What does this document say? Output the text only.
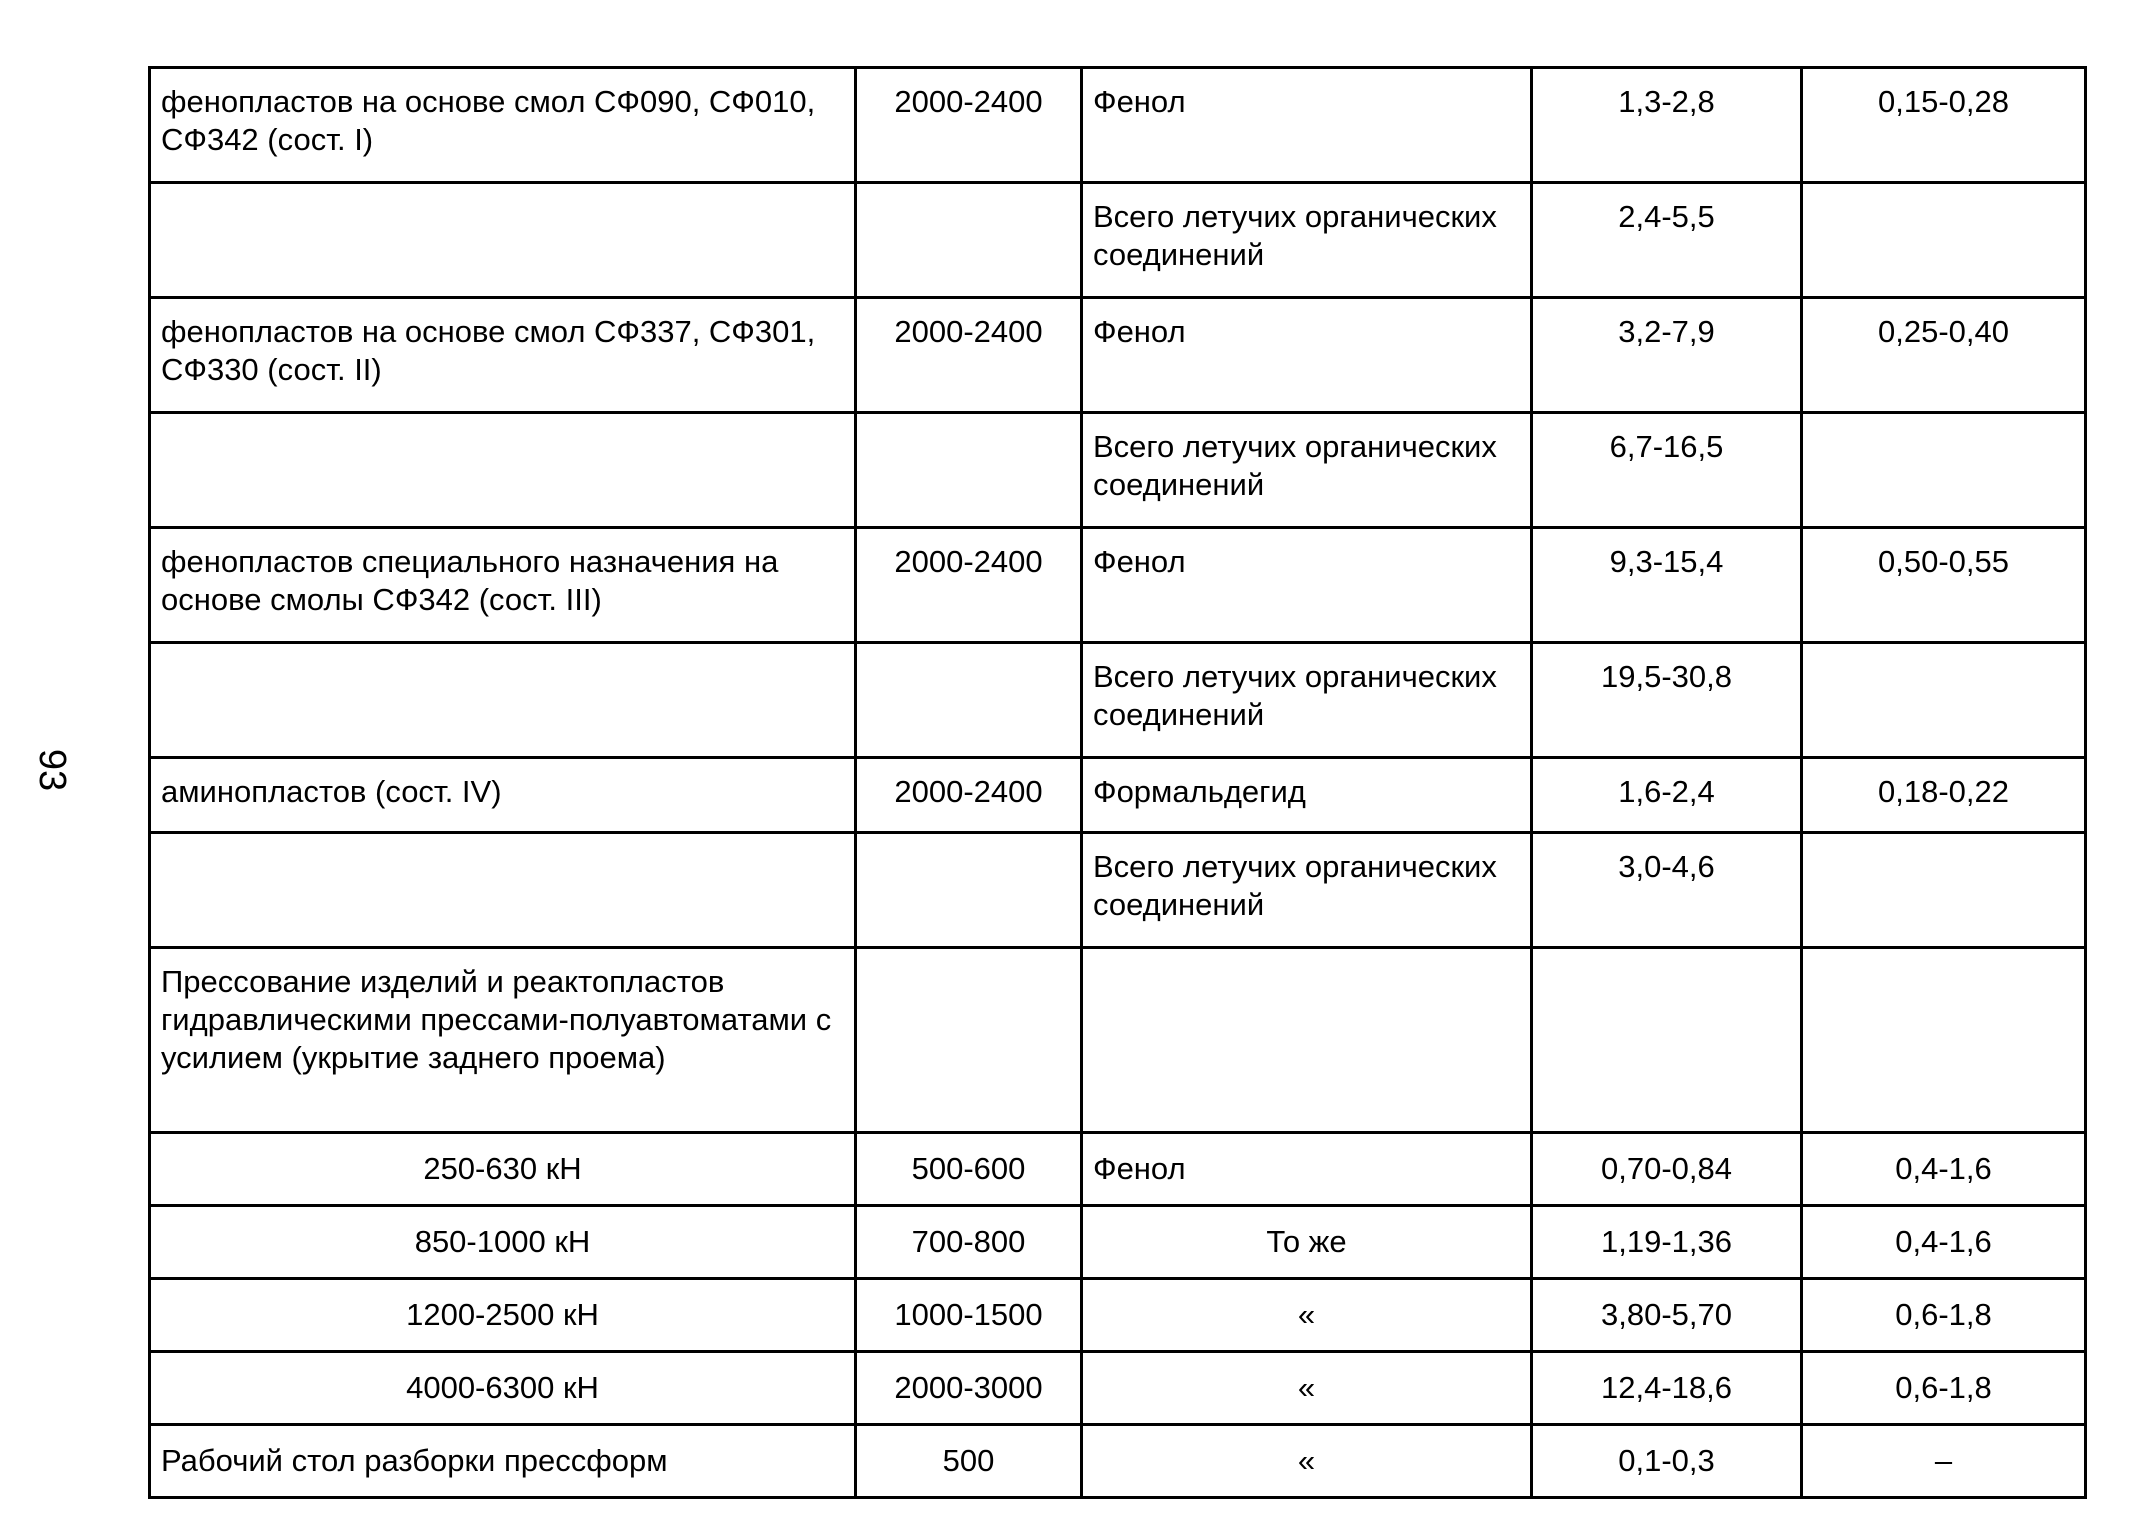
93
фенопластов на основе смол СФ090, СФ010, СФ342 (сост. I)	2000-2400	Фенол	1,3-2,8	0,15-0,28
		Всего летучих органических соединений	2,4-5,5	
фенопластов на основе смол СФ337, СФ301, СФ330 (сост. II)	2000-2400	Фенол	3,2-7,9	0,25-0,40
		Всего летучих органических соединений	6,7-16,5	
фенопластов специального назначения на основе смолы СФ342 (сост. III)	2000-2400	Фенол	9,3-15,4	0,50-0,55
		Всего летучих органических соединений	19,5-30,8	
аминопластов (сост. IV)	2000-2400	Формальдегид	1,6-2,4	0,18-0,22
		Всего летучих органических соединений	3,0-4,6	
Прессование изделий и реактопластов гидравлическими прессами-полуавтоматами с усилием (укрытие заднего проема)				
250-630 кН	500-600	Фенол	0,70-0,84	0,4-1,6
850-1000 кН	700-800	То же	1,19-1,36	0,4-1,6
1200-2500 кН	1000-1500	«	3,80-5,70	0,6-1,8
4000-6300 кН	2000-3000	«	12,4-18,6	0,6-1,8
Рабочий стол разборки прессформ	500	«	0,1-0,3	–
